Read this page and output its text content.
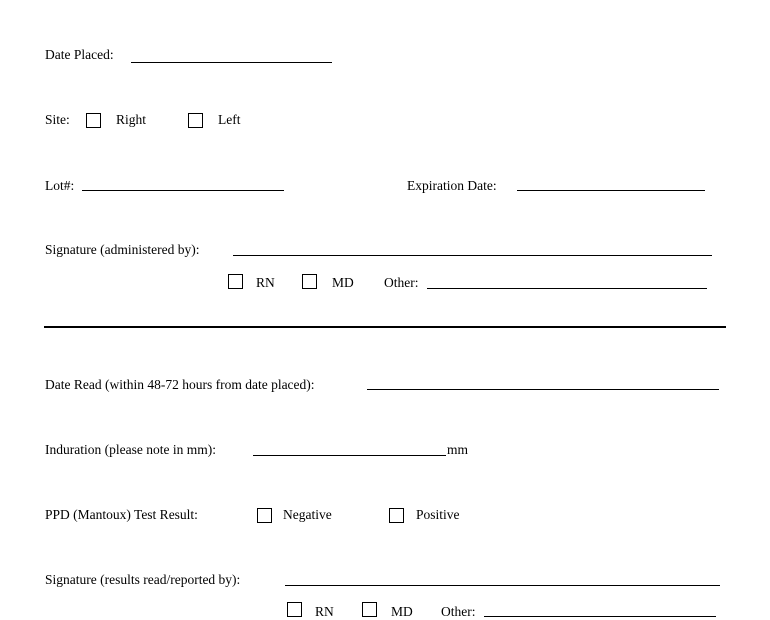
Date Placed:
Site:	Right	Left
Lot#:	Expiration Date:
Signature (administered by):
RN	MD Other:
Date Read (within 48-72 hours from date placed):
Induration (please note in mm):	mm
PPD (Mantoux) Test Result:	Negative	Positive
Signature (results read/reported by):
RN	MD Other:
